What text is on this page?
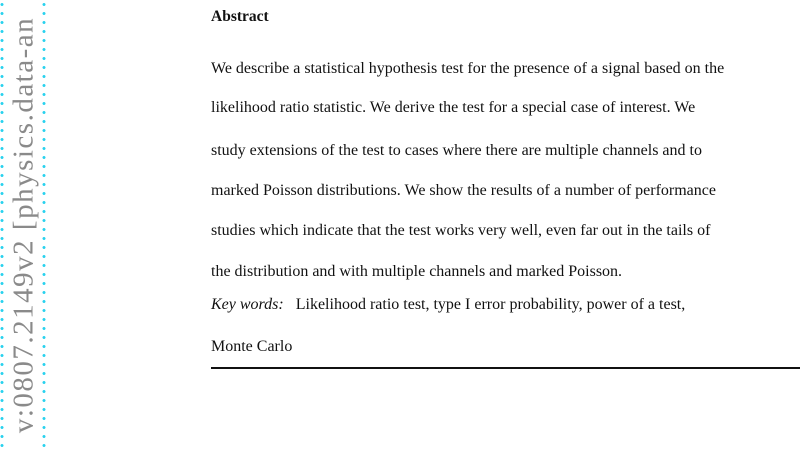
v:0807.2149v2 [physics.data-an
Abstract
We describe a statistical hypothesis test for the presence of a signal based on the
likelihood ratio statistic. We derive the test for a special case of interest. We
study extensions of the test to cases where there are multiple channels and to
marked Poisson distributions. We show the results of a number of performance
studies which indicate that the test works very well, even far out in the tails of
the distribution and with multiple channels and marked Poisson.
Key words: Likelihood ratio test, type I error probability, power of a test,
Monte Carlo
